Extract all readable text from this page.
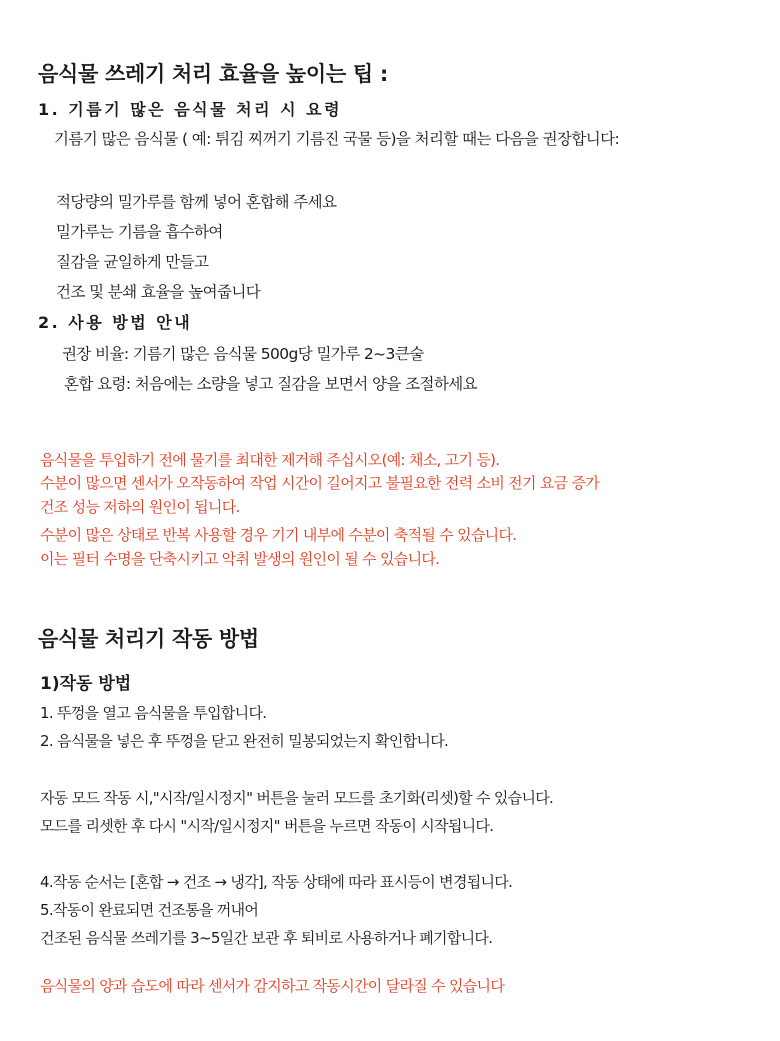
음식물 쓰레기 처리 효율을 높이는 팁 :
1. 기름기 많은 음식물 처리 시 요령
기름기 많은 음식물 ( 예: 튀김 찌꺼기 기름진 국물 등)을 처리할 때는 다음을 권장합니다:
적당량의 밀가루를 함께 넣어 혼합해 주세요
밀가루는 기름을 흡수하여
질감을 균일하게 만들고
건조 및 분쇄 효율을 높여줍니다
2. 사용 방법 안내
권장 비율: 기름기 많은 음식물 500g당 밀가루 2~3큰술
혼합 요령: 처음에는 소량을 넣고 질감을 보면서 양을 조절하세요
음식물을 투입하기 전에 물기를 최대한 제거해 주십시오(예: 채소, 고기 등).
수분이 많으면 센서가 오작동하여 작업 시간이 길어지고 불필요한 전력 소비 전기 요금 증가
건조 성능 저하의 원인이 됩니다.
수분이 많은 상태로 반복 사용할 경우 기기 내부에 수분이 축적될 수 있습니다.
이는 필터 수명을 단축시키고 악취 발생의 원인이 될 수 있습니다.
음식물 처리기 작동 방법
1)작동 방법
1. 뚜껑을 열고 음식물을 투입합니다.
2. 음식물을 넣은 후 뚜껑을 닫고 완전히 밀봉되었는지 확인합니다.
자동 모드 작동 시,"시작/일시정지" 버튼을 눌러 모드를 초기화(리셋)할 수 있습니다.
모드를 리셋한 후 다시 "시작/일시정지" 버튼을 누르면 작동이 시작됩니다.
4.작동 순서는 [혼합 → 건조 → 냉각], 작동 상태에 따라 표시등이 변경됩니다.
5.작동이 완료되면 건조통을 꺼내어
건조된 음식물 쓰레기를 3~5일간 보관 후 퇴비로 사용하거나 폐기합니다.
음식물의 양과 습도에 따라 센서가 감지하고 작동시간이 달라질 수 있습니다
